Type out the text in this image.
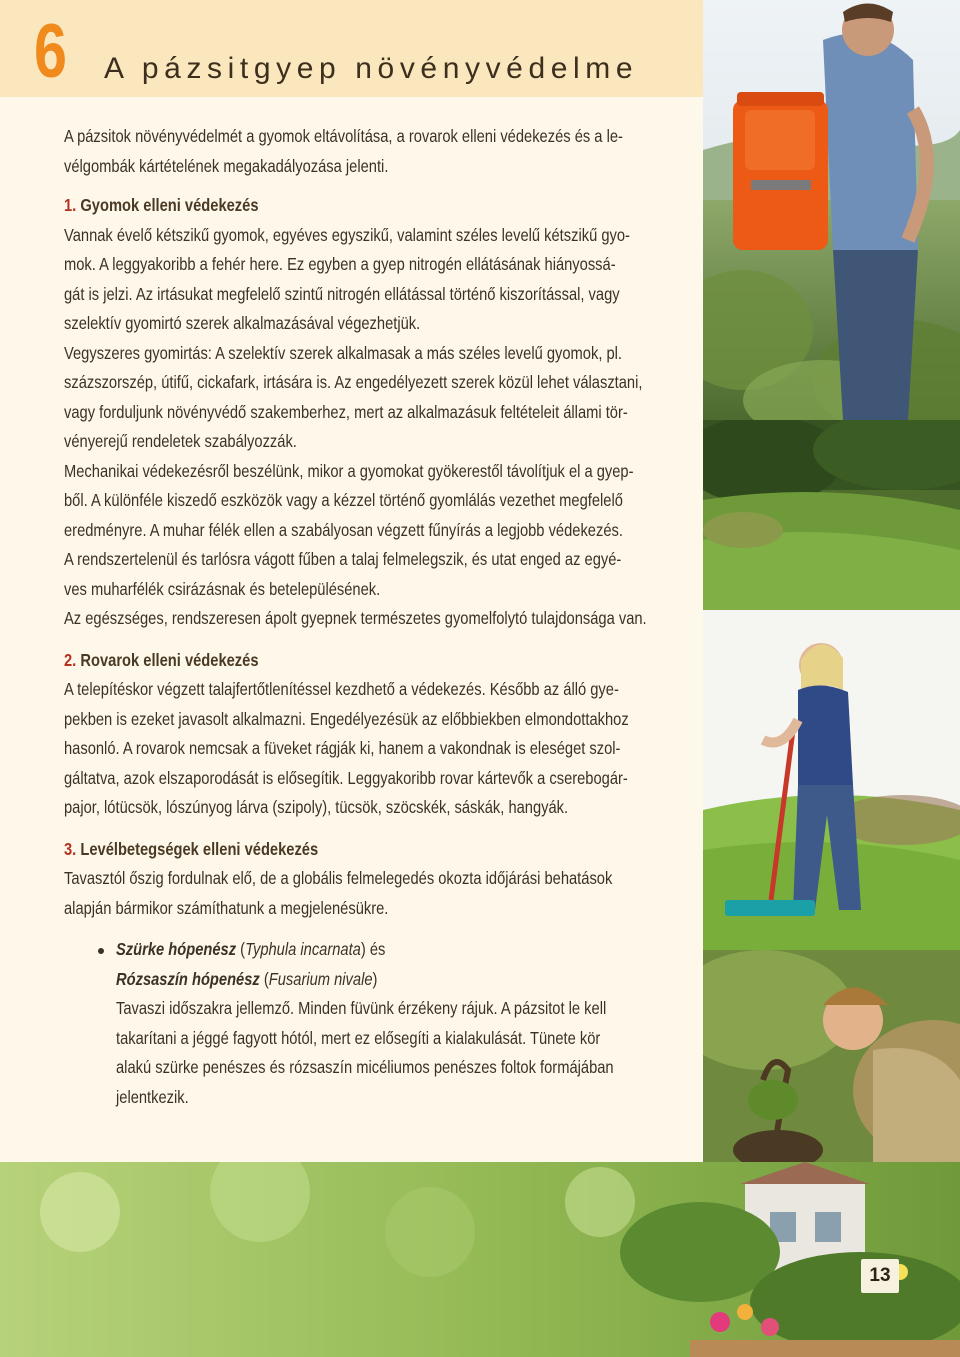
6 A pázsitgyep növényvédelme

A pázsitok növényvédelmét a gyomok eltávolítása, a rovarok elleni védekezés és a le-
vélgombák kártételének megakadályozása jelenti.

1. Gyomok elleni védekezés

Vannak évelő kétszikű gyomok, egyéves egyszikű, valamint széles levelű kétszikű gyo-
mok. A leggyakoribb a fehér here. Ez egyben a gyep nitrogén ellátásának hiányossá-
gát is jelzi. Az irtásukat megfelelő szintű nitrogén ellátással történő kiszorítással, vagy
szelektív gyomirtó szerek alkalmazásával végezhetjük.
Vegyszeres gyomirtás: A szelektív szerek alkalmasak a más széles levelű gyomok, pl.
százszorszép, útifű, cickafark, irtására is. Az engedélyezett szerek közül lehet választani,
vagy forduljunk növényvédő szakemberhez, mert az alkalmazásuk feltételeit állami tör-
vényerejű rendeletek szabályozzák.
Mechanikai védekezésről beszélünk, mikor a gyomokat gyökerestől távolítjuk el a gyep-
ből. A különféle kiszedő eszközök vagy a kézzel történő gyomlálás vezethet megfelelő
eredményre. A muhar félék ellen a szabályosan végzett fűnyírás a legjobb védekezés.
A rendszertelenül és tarlósra vágott fűben a talaj felmelegszik, és utat enged az egyé-
ves muharfélék csirázásnak és betelepülésének.
Az egészséges, rendszeresen ápolt gyepnek természetes gyomelfolytó tulajdonsága van.

2. Rovarok elleni védekezés

A telepítéskor végzett talajfertőtlenítéssel kezdhető a védekezés. Később az álló gye-
pekben is ezeket javasolt alkalmazni. Engedélyezésük az előbbiekben elmondottakhoz
hasonló. A rovarok nemcsak a füveket rágják ki, hanem a vakondnak is eleséget szol-
gáltatva, azok elszaporodását is elősegítik. Leggyakoribb rovar kártevők a cserebogár-
pajor, lótücsök, lószúnyog lárva (szipoly), tücsök, szöcskék, sáskák, hangyák.

3. Levélbetegségek elleni védekezés

Tavasztól őszig fordulnak elő, de a globális felmelegedés okozta időjárási behatások
alapján bármikor számíthatunk a megjelenésükre.

Szürke hópenész (Typhula incarnata) és
Rózsaszín hópenész (Fusarium nivale)
Tavaszi időszakra jellemző. Minden füvünk érzékeny rájuk. A pázsitot le kell
takarítani a jéggé fagyott hótól, mert ez elősegíti a kialakulását. Tünete kör
alakú szürke penészes és rózsaszín micéliumos penészes foltok formájában
jelentkezik.
13
